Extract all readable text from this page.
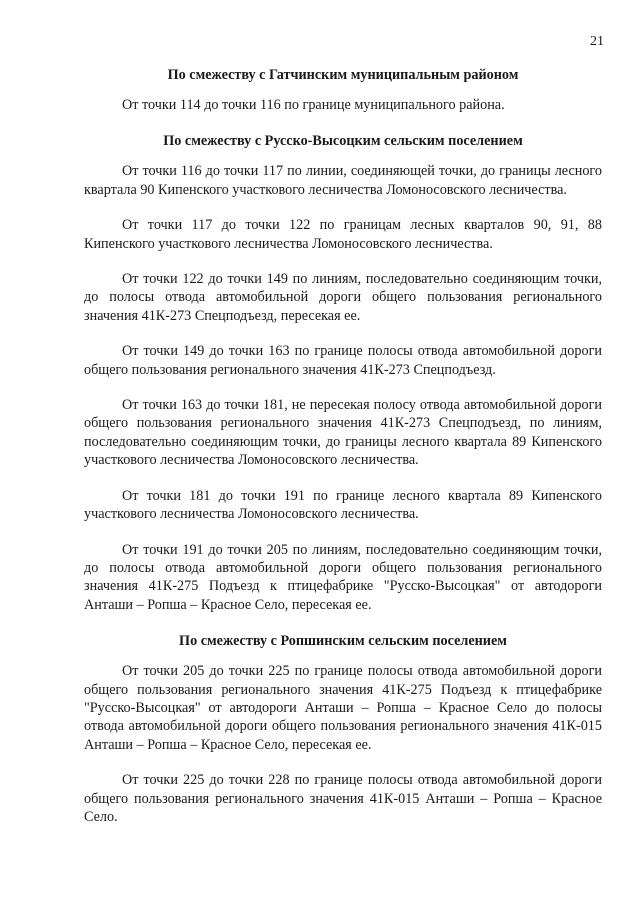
21
По смежеству с Гатчинским муниципальным районом

От точки 114 до точки 116 по границе муниципального района.

По смежеству с Русско-Высоцким сельским поселением

От точки 116 до точки 117 по линии, соединяющей точки, до границы лесного квартала 90 Кипенского участкового лесничества Ломоносовского лесничества.

От точки 117 до точки 122 по границам лесных кварталов 90, 91, 88 Кипенского участкового лесничества Ломоносовского лесничества.

От точки 122 до точки 149 по линиям, последовательно соединяющим точки, до полосы отвода автомобильной дороги общего пользования регионального значения 41К-273 Спецподъезд, пересекая ее.

От точки 149 до точки 163 по границе полосы отвода автомобильной дороги общего пользования регионального значения 41К-273 Спецподъезд.

От точки 163 до точки 181, не пересекая полосу отвода автомобильной дороги общего пользования регионального значения 41К-273 Спецподъезд, по линиям, последовательно соединяющим точки, до границы лесного квартала 89 Кипенского участкового лесничества Ломоносовского лесничества.

От точки 181 до точки 191 по границе лесного квартала 89 Кипенского участкового лесничества Ломоносовского лесничества.

От точки 191 до точки 205 по линиям, последовательно соединяющим точки, до полосы отвода автомобильной дороги общего пользования регионального значения 41К-275 Подъезд к птицефабрике "Русско-Высоцкая" от автодороги Анташи – Ропша – Красное Село, пересекая ее.

По смежеству с Ропшинским сельским поселением

От точки 205 до точки 225 по границе полосы отвода автомобильной дороги общего пользования регионального значения 41К-275 Подъезд к птицефабрике "Русско-Высоцкая" от автодороги Анташи – Ропша – Красное Село до полосы отвода автомобильной дороги общего пользования регионального значения 41К-015 Анташи – Ропша – Красное Село, пересекая ее.

От точки 225 до точки 228 по границе полосы отвода автомобильной дороги общего пользования регионального значения 41К-015 Анташи – Ропша – Красное Село.
